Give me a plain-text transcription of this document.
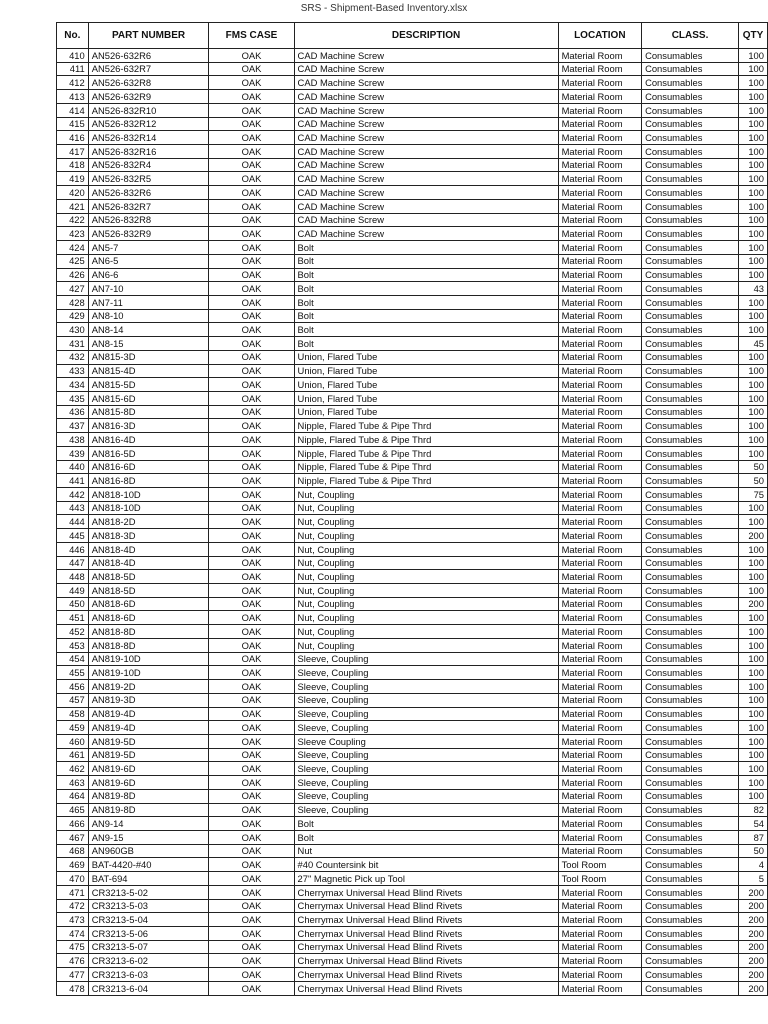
SRS - Shipment-Based Inventory.xlsx
No.	PART NUMBER	FMS CASE	DESCRIPTION	LOCATION	CLASS.	QTY
410	AN526-632R6	OAK	CAD Machine Screw	Material Room	Consumables	100
411	AN526-632R7	OAK	CAD Machine Screw	Material Room	Consumables	100
412	AN526-632R8	OAK	CAD Machine Screw	Material Room	Consumables	100
413	AN526-632R9	OAK	CAD Machine Screw	Material Room	Consumables	100
414	AN526-832R10	OAK	CAD Machine Screw	Material Room	Consumables	100
415	AN526-832R12	OAK	CAD Machine Screw	Material Room	Consumables	100
416	AN526-832R14	OAK	CAD Machine Screw	Material Room	Consumables	100
417	AN526-832R16	OAK	CAD Machine Screw	Material Room	Consumables	100
418	AN526-832R4	OAK	CAD Machine Screw	Material Room	Consumables	100
419	AN526-832R5	OAK	CAD Machine Screw	Material Room	Consumables	100
420	AN526-832R6	OAK	CAD Machine Screw	Material Room	Consumables	100
421	AN526-832R7	OAK	CAD Machine Screw	Material Room	Consumables	100
422	AN526-832R8	OAK	CAD Machine Screw	Material Room	Consumables	100
423	AN526-832R9	OAK	CAD Machine Screw	Material Room	Consumables	100
424	AN5-7	OAK	Bolt	Material Room	Consumables	100
425	AN6-5	OAK	Bolt	Material Room	Consumables	100
426	AN6-6	OAK	Bolt	Material Room	Consumables	100
427	AN7-10	OAK	Bolt	Material Room	Consumables	43
428	AN7-11	OAK	Bolt	Material Room	Consumables	100
429	AN8-10	OAK	Bolt	Material Room	Consumables	100
430	AN8-14	OAK	Bolt	Material Room	Consumables	100
431	AN8-15	OAK	Bolt	Material Room	Consumables	45
432	AN815-3D	OAK	Union, Flared Tube	Material Room	Consumables	100
433	AN815-4D	OAK	Union, Flared Tube	Material Room	Consumables	100
434	AN815-5D	OAK	Union, Flared Tube	Material Room	Consumables	100
435	AN815-6D	OAK	Union, Flared Tube	Material Room	Consumables	100
436	AN815-8D	OAK	Union, Flared Tube	Material Room	Consumables	100
437	AN816-3D	OAK	Nipple, Flared Tube & Pipe Thrd	Material Room	Consumables	100
438	AN816-4D	OAK	Nipple, Flared Tube & Pipe Thrd	Material Room	Consumables	100
439	AN816-5D	OAK	Nipple, Flared Tube & Pipe Thrd	Material Room	Consumables	100
440	AN816-6D	OAK	Nipple, Flared Tube & Pipe Thrd	Material Room	Consumables	50
441	AN816-8D	OAK	Nipple, Flared Tube & Pipe Thrd	Material Room	Consumables	50
442	AN818-10D	OAK	Nut, Coupling	Material Room	Consumables	75
443	AN818-10D	OAK	Nut, Coupling	Material Room	Consumables	100
444	AN818-2D	OAK	Nut, Coupling	Material Room	Consumables	100
445	AN818-3D	OAK	Nut, Coupling	Material Room	Consumables	200
446	AN818-4D	OAK	Nut, Coupling	Material Room	Consumables	100
447	AN818-4D	OAK	Nut, Coupling	Material Room	Consumables	100
448	AN818-5D	OAK	Nut, Coupling	Material Room	Consumables	100
449	AN818-5D	OAK	Nut, Coupling	Material Room	Consumables	100
450	AN818-6D	OAK	Nut, Coupling	Material Room	Consumables	200
451	AN818-6D	OAK	Nut, Coupling	Material Room	Consumables	100
452	AN818-8D	OAK	Nut, Coupling	Material Room	Consumables	100
453	AN818-8D	OAK	Nut, Coupling	Material Room	Consumables	100
454	AN819-10D	OAK	Sleeve, Coupling	Material Room	Consumables	100
455	AN819-10D	OAK	Sleeve, Coupling	Material Room	Consumables	100
456	AN819-2D	OAK	Sleeve, Coupling	Material Room	Consumables	100
457	AN819-3D	OAK	Sleeve, Coupling	Material Room	Consumables	100
458	AN819-4D	OAK	Sleeve, Coupling	Material Room	Consumables	100
459	AN819-4D	OAK	Sleeve, Coupling	Material Room	Consumables	100
460	AN819-5D	OAK	Sleeve Coupling	Material Room	Consumables	100
461	AN819-5D	OAK	Sleeve, Coupling	Material Room	Consumables	100
462	AN819-6D	OAK	Sleeve, Coupling	Material Room	Consumables	100
463	AN819-6D	OAK	Sleeve, Coupling	Material Room	Consumables	100
464	AN819-8D	OAK	Sleeve, Coupling	Material Room	Consumables	100
465	AN819-8D	OAK	Sleeve, Coupling	Material Room	Consumables	82
466	AN9-14	OAK	Bolt	Material Room	Consumables	54
467	AN9-15	OAK	Bolt	Material Room	Consumables	87
468	AN960GB	OAK	Nut	Material Room	Consumables	50
469	BAT-4420-#40	OAK	#40 Countersink bit	Tool Room	Consumables	4
470	BAT-694	OAK	27" Magnetic Pick up Tool	Tool Room	Consumables	5
471	CR3213-5-02	OAK	Cherrymax Universal Head Blind Rivets	Material Room	Consumables	200
472	CR3213-5-03	OAK	Cherrymax Universal Head Blind Rivets	Material Room	Consumables	200
473	CR3213-5-04	OAK	Cherrymax Universal Head Blind Rivets	Material Room	Consumables	200
474	CR3213-5-06	OAK	Cherrymax Universal Head Blind Rivets	Material Room	Consumables	200
475	CR3213-5-07	OAK	Cherrymax Universal Head Blind Rivets	Material Room	Consumables	200
476	CR3213-6-02	OAK	Cherrymax Universal Head Blind Rivets	Material Room	Consumables	200
477	CR3213-6-03	OAK	Cherrymax Universal Head Blind Rivets	Material Room	Consumables	200
478	CR3213-6-04	OAK	Cherrymax Universal Head Blind Rivets	Material Room	Consumables	200
